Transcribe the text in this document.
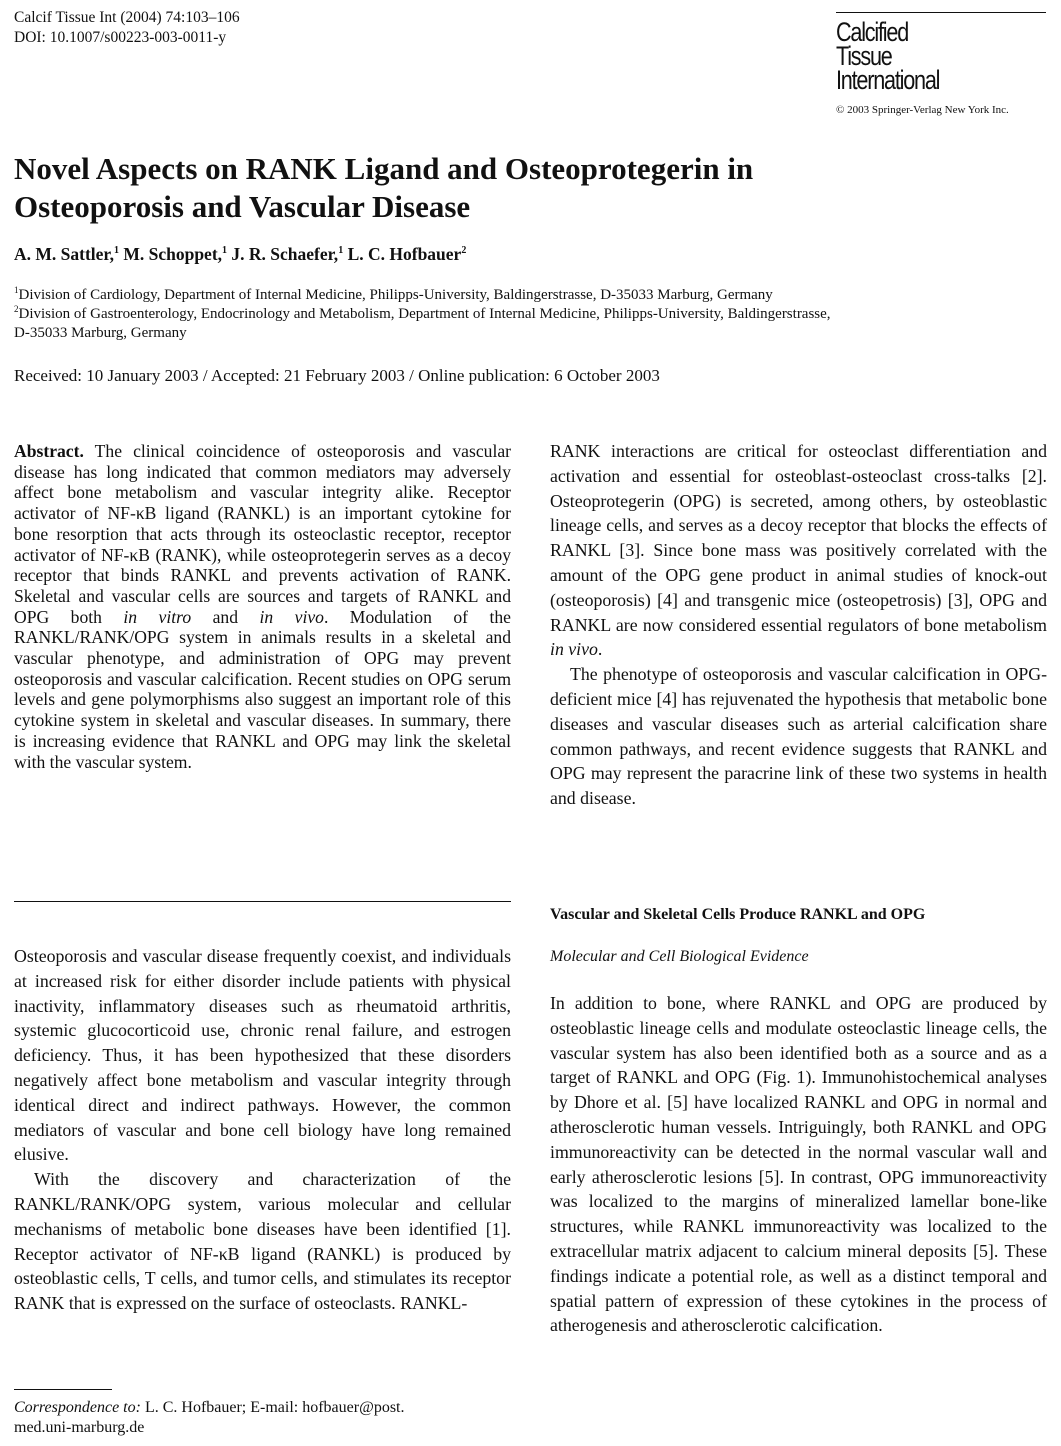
Calcif Tissue Int (2004) 74:103–106
DOI: 10.1007/s00223-003-0011-y	Calcified
Tissue
International
© 2003 Springer-Verlag New York Inc.
Novel Aspects on RANK Ligand and Osteoprotegerin in
Osteoporosis and Vascular Disease
A. M. Sattler,$^1$ M. Schoppet,$^1$ J. R. Schaefer,$^1$ L. C. Hofbauer$^2$
$^1$Division of Cardiology, Department of Internal Medicine, Philipps-University, Baldingerstrasse, D-35033 Marburg, Germany
$^2$Division of Gastroenterology, Endocrinology and Metabolism, Department of Internal Medicine, Philipps-University, Baldingerstrasse,
D-35033 Marburg, Germany
Received: 10 January 2003 / Accepted: 21 February 2003 / Online publication: 6 October 2003
Abstract. The clinical coincidence of osteoporosis and vascular disease has long indicated that common mediators may adversely affect bone metabolism and vascular integrity alike. Receptor activator of NF-κB ligand (RANKL) is an important cytokine for bone resorption that acts through its osteoclastic receptor, receptor activator of NF-κB (RANK), while osteoprotegerin serves as a decoy receptor that binds RANKL and prevents activation of RANK. Skeletal and vascular cells are sources and targets of RANKL and OPG both in vitro and in vivo. Modulation of the RANKL/RANK/OPG system in animals results in a skeletal and vascular phenotype, and administration of OPG may prevent osteoporosis and vascular calcification. Recent studies on OPG serum levels and gene polymorphisms also suggest an important role of this cytokine system in skeletal and vascular diseases. In summary, there is increasing evidence that RANKL and OPG may link the skeletal with the vascular system.

Osteoporosis and vascular disease frequently coexist, and individuals at increased risk for either disorder include patients with physical inactivity, inflammatory diseases such as rheumatoid arthritis, systemic glucocorticoid use, chronic renal failure, and estrogen deficiency. Thus, it has been hypothesized that these disorders negatively affect bone metabolism and vascular integrity through identical direct and indirect pathways. However, the common mediators of vascular and bone cell biology have long remained elusive.

With the discovery and characterization of the RANKL/RANK/OPG system, various molecular and cellular mechanisms of metabolic bone diseases have been identified [1]. Receptor activator of NF-κB ligand (RANKL) is produced by osteoblastic cells, T cells, and tumor cells, and stimulates its receptor RANK that is expressed on the surface of osteoclasts. RANKL-

Correspondence to: L. C. Hofbauer; E-mail: hofbauer@post.
med.uni-marburg.de

RANK interactions are critical for osteoclast differentiation and activation and essential for osteoblast-osteoclast cross-talks [2]. Osteoprotegerin (OPG) is secreted, among others, by osteoblastic lineage cells, and serves as a decoy receptor that blocks the effects of RANKL [3]. Since bone mass was positively correlated with the amount of the OPG gene product in animal studies of knock-out (osteoporosis) [4] and transgenic mice (osteopetrosis) [3], OPG and RANKL are now considered essential regulators of bone metabolism in vivo.

The phenotype of osteoporosis and vascular calcification in OPG-deficient mice [4] has rejuvenated the hypothesis that metabolic bone diseases and vascular diseases such as arterial calcification share common pathways, and recent evidence suggests that RANKL and OPG may represent the paracrine link of these two systems in health and disease.

Vascular and Skeletal Cells Produce RANKL and OPG
Molecular and Cell Biological Evidence

In addition to bone, where RANKL and OPG are produced by osteoblastic lineage cells and modulate osteoclastic lineage cells, the vascular system has also been identified both as a source and as a target of RANKL and OPG (Fig. 1). Immunohistochemical analyses by Dhore et al. [5] have localized RANKL and OPG in normal and atherosclerotic human vessels. Intriguingly, both RANKL and OPG immunoreactivity can be detected in the normal vascular wall and early atherosclerotic lesions [5]. In contrast, OPG immunoreactivity was localized to the margins of mineralized lamellar bone-like structures, while RANKL immunoreactivity was localized to the extracellular matrix adjacent to calcium mineral deposits [5]. These findings indicate a potential role, as well as a distinct temporal and spatial pattern of expression of these cytokines in the process of atherogenesis and atherosclerotic calcification.
